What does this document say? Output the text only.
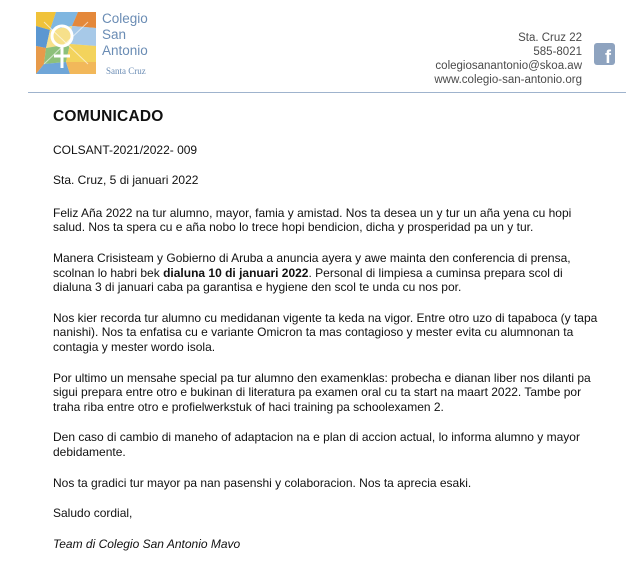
Colegio
San
Antonio
Santa Cruz
Sta. Cruz 22
585-8021
colegiosanantonio@skoa.aw
www.colegio-san-antonio.org
f
COMUNICADO

COLSANT-2021/2022- 009

Sta. Cruz, 5 di januari 2022

Feliz Aña 2022 na tur alumno, mayor, famia y amistad. Nos ta desea un y tur un aña yena cu hopi salud. Nos ta spera cu e aña nobo lo trece hopi bendicion, dicha y prosperidad pa un y tur.

Manera Crisisteam y Gobierno di Aruba a anuncia ayera y awe mainta den conferencia di prensa, scolnan lo habri bek dialuna 10 di januari 2022. Personal di limpiesa a cuminsa prepara scol di dialuna 3 di januari caba pa garantisa e hygiene den scol te unda cu nos por.

Nos kier recorda tur alumno cu medidanan vigente ta keda na vigor. Entre otro uzo di tapaboca (y tapa nanishi). Nos ta enfatisa cu e variante Omicron ta mas contagioso y mester evita cu alumnonan ta contagia y mester wordo isola.

Por ultimo un mensahe special pa tur alumno den examenklas: probecha e dianan liber nos dilanti pa sigui prepara entre otro e bukinan di literatura pa examen oral cu ta start na maart 2022. Tambe por traha riba entre otro e profielwerkstuk of haci training pa schoolexamen 2.

Den caso di cambio di maneho of adaptacion na e plan di accion actual, lo informa alumno y mayor debidamente.

Nos ta gradici tur mayor pa nan pasenshi y colaboracion. Nos ta aprecia esaki.

Saludo cordial,

Team di Colegio San Antonio Mavo
